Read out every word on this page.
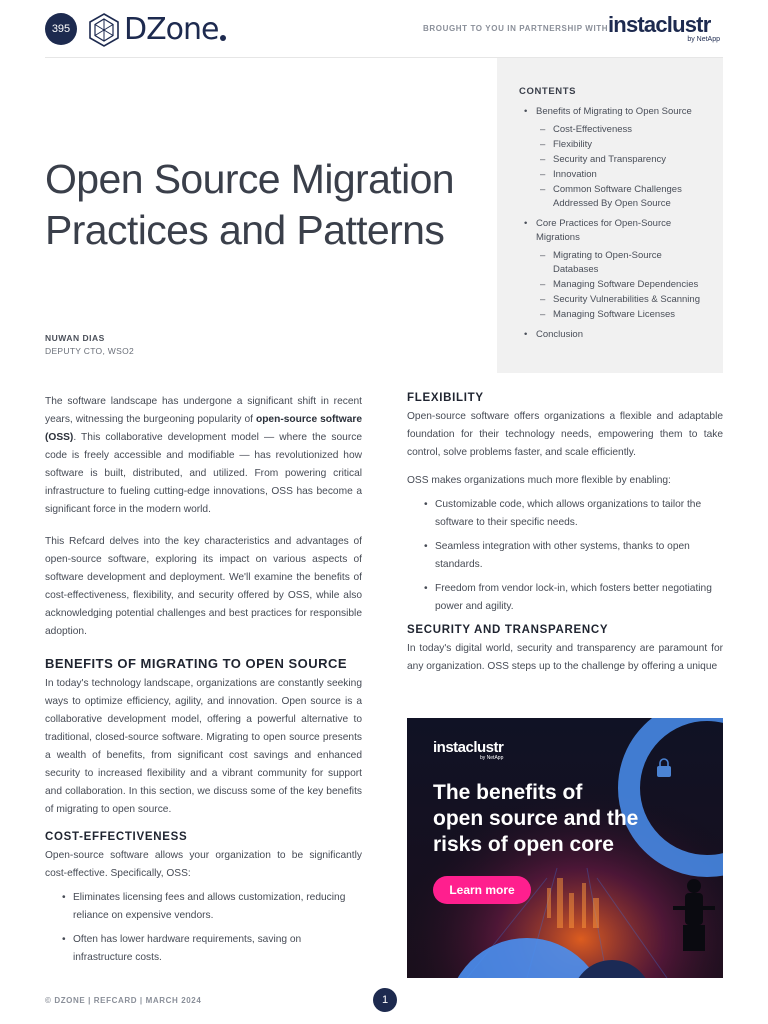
395 DZone	BROUGHT TO YOU IN PARTNERSHIP WITH instaclustr
by NetApp
Open Source Migration
Practices and Patterns
NUWAN DIAS
DEPUTY CTO, WSO2
CONTENTS
• Benefits of Migrating to Open Source
– Cost-Effectiveness
– Flexibility
– Security and Transparency
– Innovation
– Common Software Challenges Addressed By Open Source
• Core Practices for Open-Source Migrations
– Migrating to Open-Source Databases
– Managing Software Dependencies
– Security Vulnerabilities & Scanning
– Managing Software Licenses
• Conclusion

The software landscape has undergone a significant shift in recent years, witnessing the burgeoning popularity of open-source software (OSS). This collaborative development model — where the source code is freely accessible and modifiable — has revolutionized how software is built, distributed, and utilized. From powering critical infrastructure to fueling cutting-edge innovations, OSS has become a significant force in the modern world.

This Refcard delves into the key characteristics and advantages of open-source software, exploring its impact on various aspects of software development and deployment. We'll examine the benefits of cost-effectiveness, flexibility, and security offered by OSS, while also acknowledging potential challenges and best practices for responsible adoption.

BENEFITS OF MIGRATING TO OPEN SOURCE

In today's technology landscape, organizations are constantly seeking ways to optimize efficiency, agility, and innovation. Open source is a collaborative development model, offering a powerful alternative to traditional, closed-source software. Migrating to open source presents a wealth of benefits, from significant cost savings and enhanced security to increased flexibility and a vibrant community for support and collaboration. In this section, we discuss some of the key benefits of migrating to open source.

COST-EFFECTIVENESS

Open-source software allows your organization to be significantly cost-effective. Specifically, OSS:

• Eliminates licensing fees and allows customization, reducing reliance on expensive vendors.
• Often has lower hardware requirements, saving on infrastructure costs.
FLEXIBILITY

Open-source software offers organizations a flexible and adaptable foundation for their technology needs, empowering them to take control, solve problems faster, and scale efficiently.

OSS makes organizations much more flexible by enabling:

• Customizable code, which allows organizations to tailor the software to their specific needs.
• Seamless integration with other systems, thanks to open standards.
• Freedom from vendor lock-in, which fosters better negotiating power and agility.
SECURITY AND TRANSPARENCY

In today's digital world, security and transparency are paramount for any organization. OSS steps up to the challenge by offering a unique

instaclustr
by NetApp
The benefits of
open source and the
risks of open core
Learn more
© DZONE | REFCARD | MARCH 2024	1
